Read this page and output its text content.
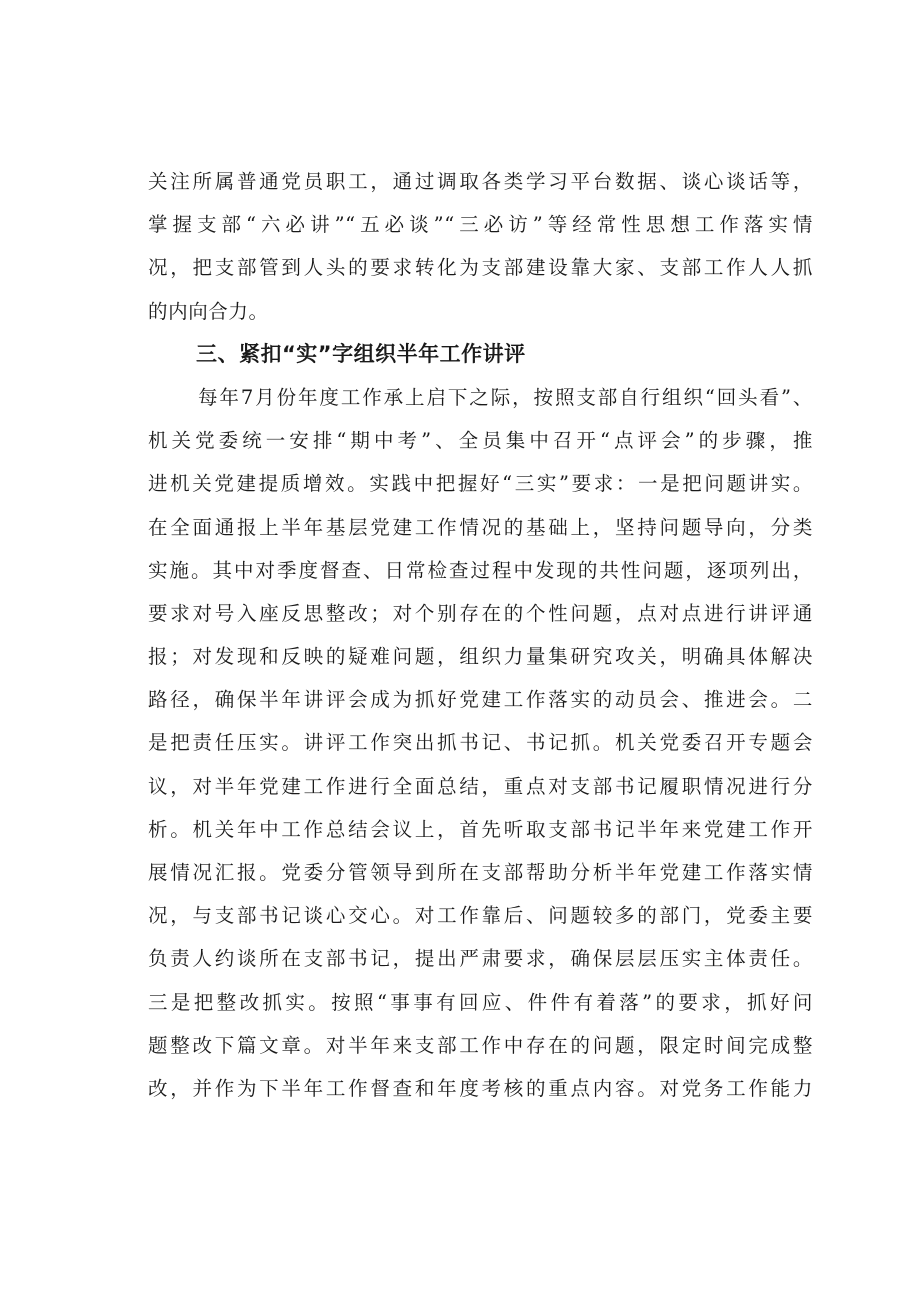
关注所属普通党员职工，通过调取各类学习平台数据、谈心谈话等，
掌握支部“六必讲”“五必谈”“三必访”等经常性思想工作落实情
况，把支部管到人头的要求转化为支部建设靠大家、支部工作人人抓
的内向合力。
三、紧扣“实”字组织半年工作讲评
每年7月份年度工作承上启下之际，按照支部自行组织“回头看”、
机关党委统一安排“期中考”、全员集中召开“点评会”的步骤，推
进机关党建提质增效。实践中把握好“三实”要求：一是把问题讲实。
在全面通报上半年基层党建工作情况的基础上，坚持问题导向，分类
实施。其中对季度督查、日常检查过程中发现的共性问题，逐项列出，
要求对号入座反思整改；对个别存在的个性问题，点对点进行讲评通
报；对发现和反映的疑难问题，组织力量集研究攻关，明确具体解决
路径，确保半年讲评会成为抓好党建工作落实的动员会、推进会。二
是把责任压实。讲评工作突出抓书记、书记抓。机关党委召开专题会
议，对半年党建工作进行全面总结，重点对支部书记履职情况进行分
析。机关年中工作总结会议上，首先听取支部书记半年来党建工作开
展情况汇报。党委分管领导到所在支部帮助分析半年党建工作落实情
况，与支部书记谈心交心。对工作靠后、问题较多的部门，党委主要
负责人约谈所在支部书记，提出严肃要求，确保层层压实主体责任。
三是把整改抓实。按照“事事有回应、件件有着落”的要求，抓好问
题整改下篇文章。对半年来支部工作中存在的问题，限定时间完成整
改，并作为下半年工作督查和年度考核的重点内容。对党务工作能力
